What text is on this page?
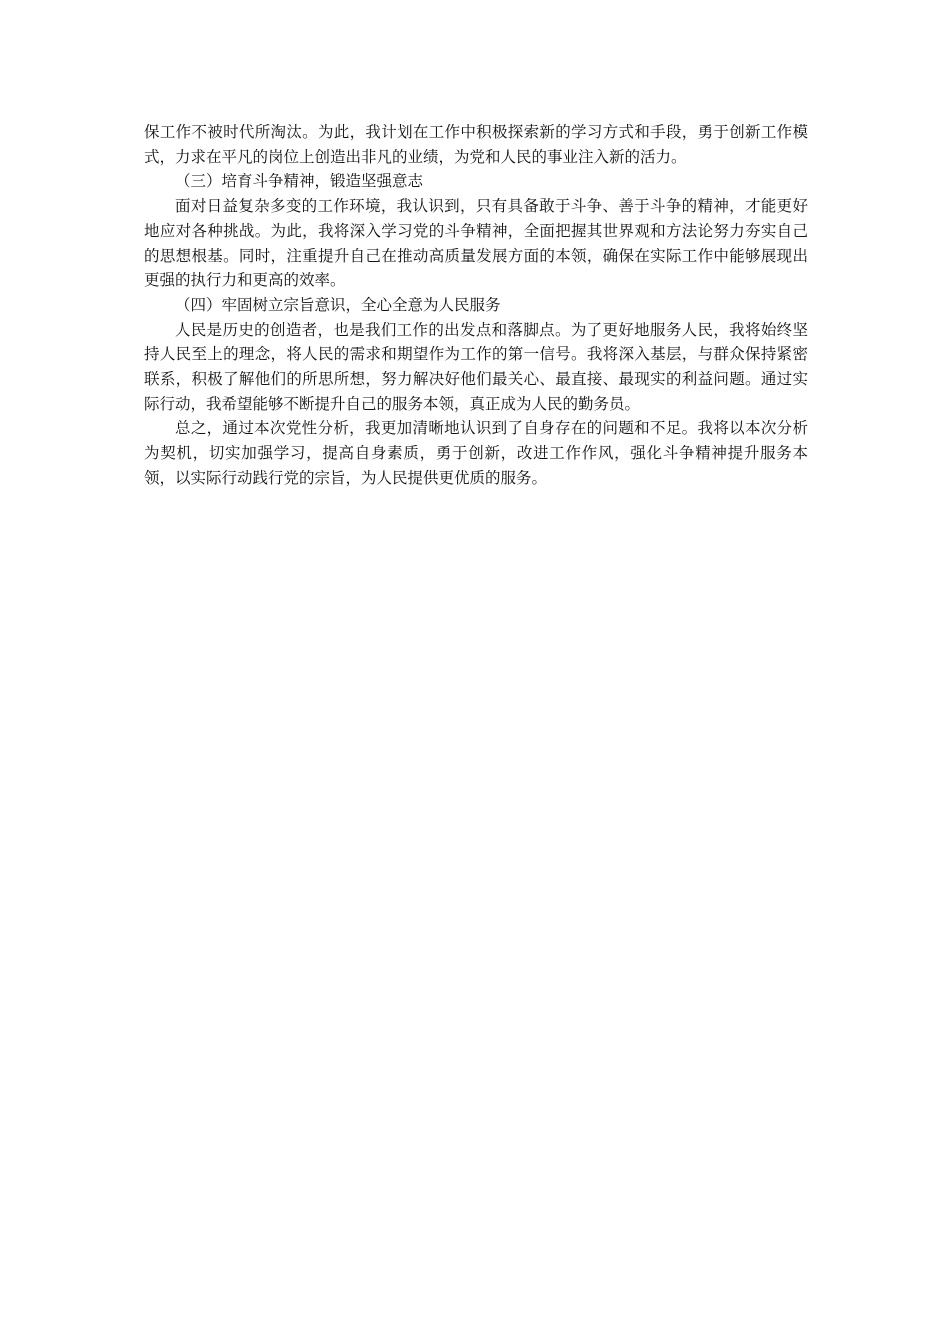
保工作不被时代所淘汰。为此，我计划在工作中积极探索新的学习方式和手段，勇于创新工作模式，力求在平凡的岗位上创造出非凡的业绩，为党和人民的事业注入新的活力。

（三）培育斗争精神，锻造坚强意志

面对日益复杂多变的工作环境，我认识到，只有具备敢于斗争、善于斗争的精神，才能更好地应对各种挑战。为此，我将深入学习党的斗争精神，全面把握其世界观和方法论努力夯实自己的思想根基。同时，注重提升自己在推动高质量发展方面的本领，确保在实际工作中能够展现出更强的执行力和更高的效率。

（四）牢固树立宗旨意识，全心全意为人民服务

人民是历史的创造者，也是我们工作的出发点和落脚点。为了更好地服务人民，我将始终坚持人民至上的理念，将人民的需求和期望作为工作的第一信号。我将深入基层，与群众保持紧密联系，积极了解他们的所思所想，努力解决好他们最关心、最直接、最现实的利益问题。通过实际行动，我希望能够不断提升自己的服务本领，真正成为人民的勤务员。

总之，通过本次党性分析，我更加清晰地认识到了自身存在的问题和不足。我将以本次分析为契机，切实加强学习，提高自身素质，勇于创新，改进工作作风，强化斗争精神提升服务本领，以实际行动践行党的宗旨，为人民提供更优质的服务。
